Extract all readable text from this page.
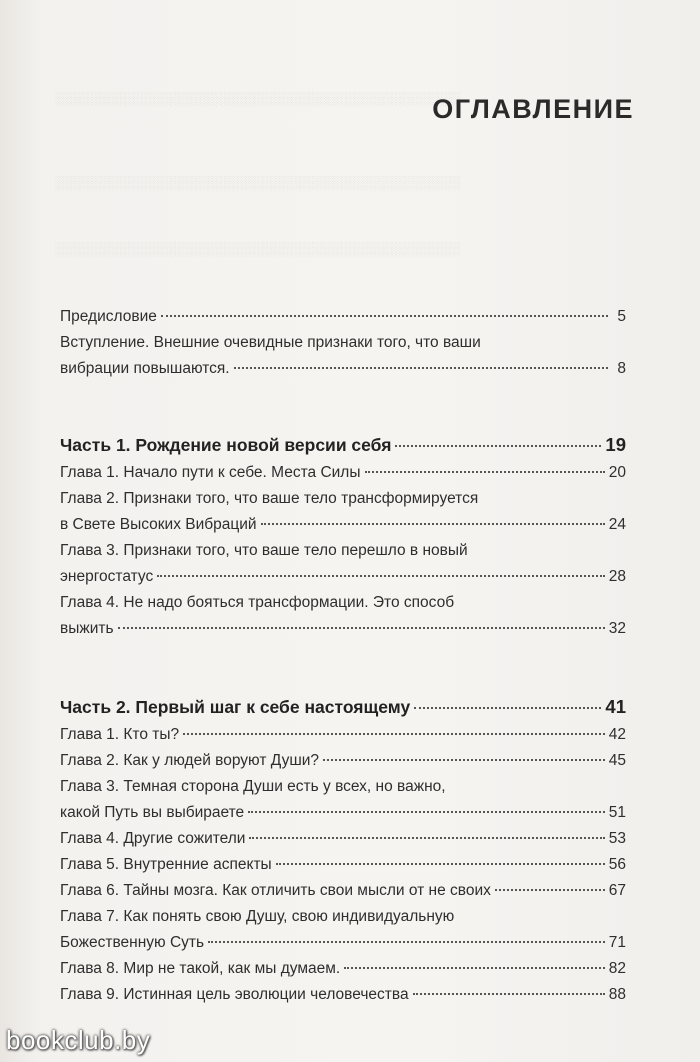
░░░░░░░░░░░░░░░░░░░░░░░░░░░░░░░░░░░░░░░░░░░░
░░░░░░░░░░░░░░░░░░░░░░░░░░░░░░░░░░░░░░░░░░░░
░░░░░░░░░░░░░░░░░░░░░░░░░░░░░░░░░░░░░░░░░░░░
ОГЛАВЛЕНИЕ
Предисловие	5
Вступление. Внешние очевидные признаки того, что ваши
вибрации повышаются.	8
Часть 1. Рождение новой версии себя	19
Глава 1. Начало пути к себе. Места Силы	20
Глава 2. Признаки того, что ваше тело трансформируется
в Свете Высоких Вибраций	24
Глава 3. Признаки того, что ваше тело перешло в новый
энергостатус	28
Глава 4. Не надо бояться трансформации. Это способ
выжить	32
Часть 2. Первый шаг к себе настоящему	41
Глава 1. Кто ты?	42
Глава 2. Как у людей воруют Души?	45
Глава 3. Темная сторона Души есть у всех, но важно,
какой Путь вы выбираете	51
Глава 4. Другие сожители	53
Глава 5. Внутренние аспекты	56
Глава 6. Тайны мозга. Как отличить свои мысли от не своих	67
Глава 7. Как понять свою Душу, свою индивидуальную
Божественную Суть	71
Глава 8. Мир не такой, как мы думаем.	82
Глава 9. Истинная цель эволюции человечества	88
bookclub.by
